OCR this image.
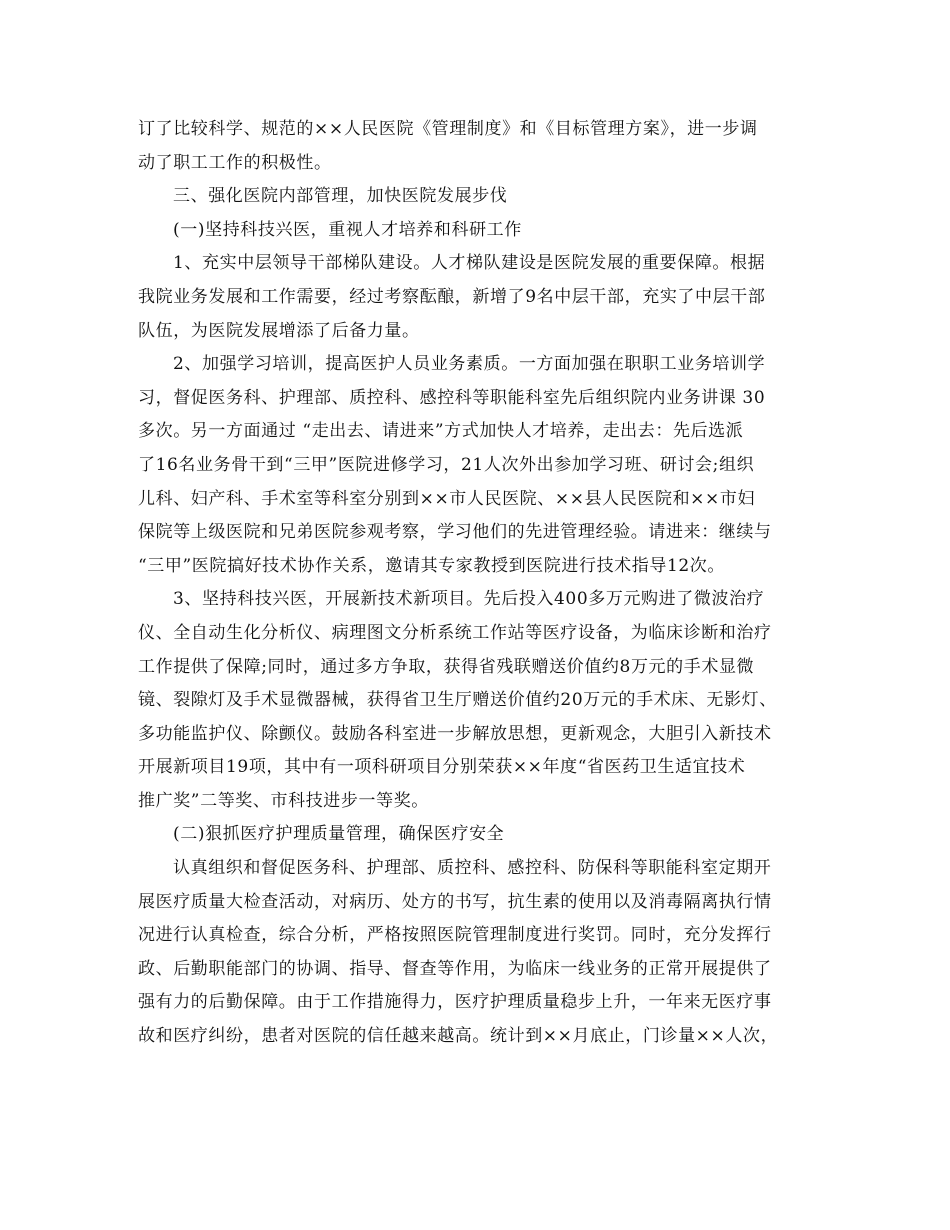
订了比较科学、规范的××人民医院《管理制度》和《目标管理方案》，进一步调
动了职工工作的积极性。
三、强化医院内部管理，加快医院发展步伐
(一)坚持科技兴医，重视人才培养和科研工作
1、充实中层领导干部梯队建设。人才梯队建设是医院发展的重要保障。根据
我院业务发展和工作需要，经过考察酝酿，新增了9名中层干部，充实了中层干部
队伍，为医院发展增添了后备力量。
2、加强学习培训，提高医护人员业务素质。一方面加强在职职工业务培训学
习，督促医务科、护理部、质控科、感控科等职能科室先后组织院内业务讲课 30
多次。另一方面通过 “走出去、请进来”方式加快人才培养，走出去：先后选派
了16名业务骨干到“三甲”医院进修学习，21人次外出参加学习班、研讨会;组织
儿科、妇产科、手术室等科室分别到××市人民医院、××县人民医院和××市妇
保院等上级医院和兄弟医院参观考察，学习他们的先进管理经验。请进来：继续与
“三甲”医院搞好技术协作关系，邀请其专家教授到医院进行技术指导12次。
3、坚持科技兴医，开展新技术新项目。先后投入400多万元购进了微波治疗
仪、全自动生化分析仪、病理图文分析系统工作站等医疗设备，为临床诊断和治疗
工作提供了保障;同时，通过多方争取，获得省残联赠送价值约8万元的手术显微
镜、裂隙灯及手术显微器械，获得省卫生厅赠送价值约20万元的手术床、无影灯、
多功能监护仪、除颤仪。鼓励各科室进一步解放思想，更新观念，大胆引入新技术
开展新项目19项，其中有一项科研项目分别荣获××年度“省医药卫生适宜技术
推广奖”二等奖、市科技进步一等奖。
(二)狠抓医疗护理质量管理，确保医疗安全
认真组织和督促医务科、护理部、质控科、感控科、防保科等职能科室定期开
展医疗质量大检查活动，对病历、处方的书写，抗生素的使用以及消毒隔离执行情
况进行认真检查，综合分析，严格按照医院管理制度进行奖罚。同时，充分发挥行
政、后勤职能部门的协调、指导、督查等作用，为临床一线业务的正常开展提供了
强有力的后勤保障。由于工作措施得力，医疗护理质量稳步上升，一年来无医疗事
故和医疗纠纷，患者对医院的信任越来越高。统计到××月底止，门诊量××人次，
